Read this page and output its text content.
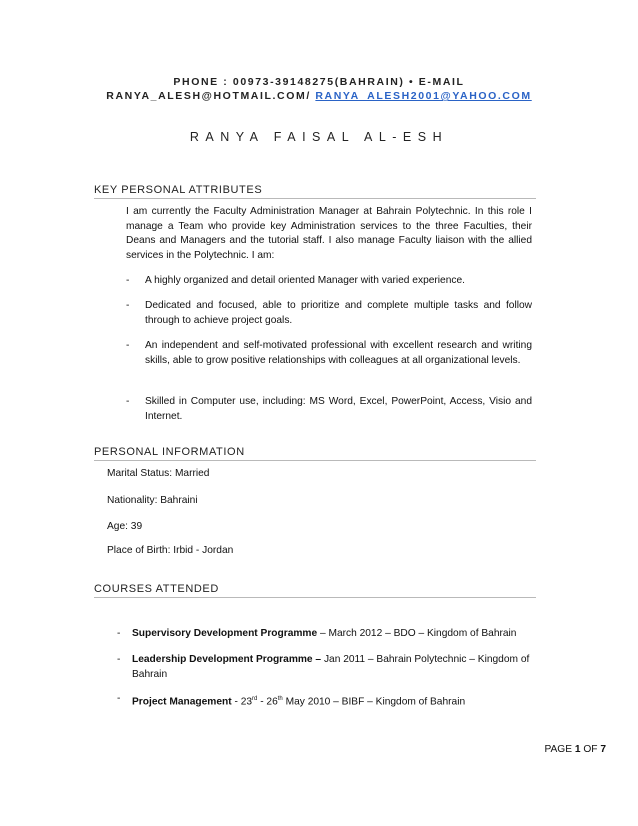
PHONE : 00973-39148275(BAHRAIN) • E-MAIL
RANYA_ALESH@HOTMAIL.COM/ RANYA_ALESH2001@YAHOO.COM
RANYA FAISAL AL-ESH
KEY PERSONAL ATTRIBUTES
I am currently the Faculty Administration Manager at Bahrain Polytechnic. In this role I manage a Team who provide key Administration services to the three Faculties, their Deans and Managers and the tutorial staff. I also manage Faculty liaison with the allied services in the Polytechnic. I am:
- A highly organized and detail oriented Manager with varied experience.
- Dedicated and focused, able to prioritize and complete multiple tasks and follow through to achieve project goals.
- An independent and self-motivated professional with excellent research and writing skills, able to grow positive relationships with colleagues at all organizational levels.
- Skilled in Computer use, including: MS Word, Excel, PowerPoint, Access, Visio and Internet.
PERSONAL INFORMATION
Marital Status: Married
Nationality: Bahraini
Age: 39
Place of Birth: Irbid - Jordan
COURSES ATTENDED
- Supervisory Development Programme – March 2012 – BDO – Kingdom of Bahrain
- Leadership Development Programme – Jan 2011 – Bahrain Polytechnic – Kingdom of Bahrain
- Project Management - 23rd - 26th May 2010 – BIBF – Kingdom of Bahrain
PAGE 1 OF 7
